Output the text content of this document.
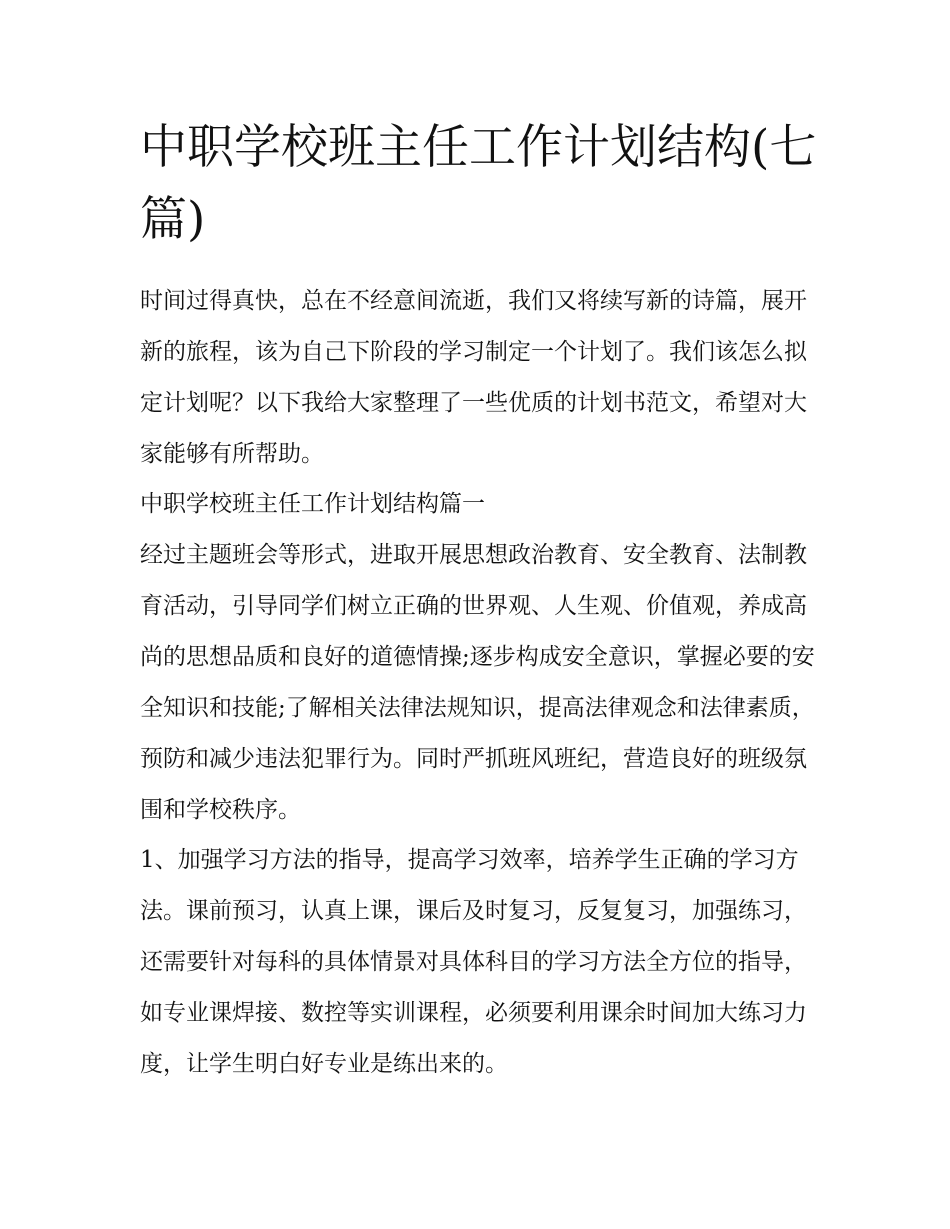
中职学校班主任工作计划结构(七篇)

时间过得真快，总在不经意间流逝，我们又将续写新的诗篇，展开新的旅程，该为自己下阶段的学习制定一个计划了。我们该怎么拟定计划呢？以下我给大家整理了一些优质的计划书范文，希望对大家能够有所帮助。

中职学校班主任工作计划结构篇一

经过主题班会等形式，进取开展思想政治教育、安全教育、法制教育活动，引导同学们树立正确的世界观、人生观、价值观，养成高尚的思想品质和良好的道德情操;逐步构成安全意识，掌握必要的安全知识和技能;了解相关法律法规知识，提高法律观念和法律素质，预防和减少违法犯罪行为。同时严抓班风班纪，营造良好的班级氛围和学校秩序。

1、加强学习方法的指导，提高学习效率，培养学生正确的学习方法。课前预习，认真上课，课后及时复习，反复复习，加强练习，还需要针对每科的具体情景对具体科目的学习方法全方位的指导，如专业课焊接、数控等实训课程，必须要利用课余时间加大练习力度，让学生明白好专业是练出来的。
